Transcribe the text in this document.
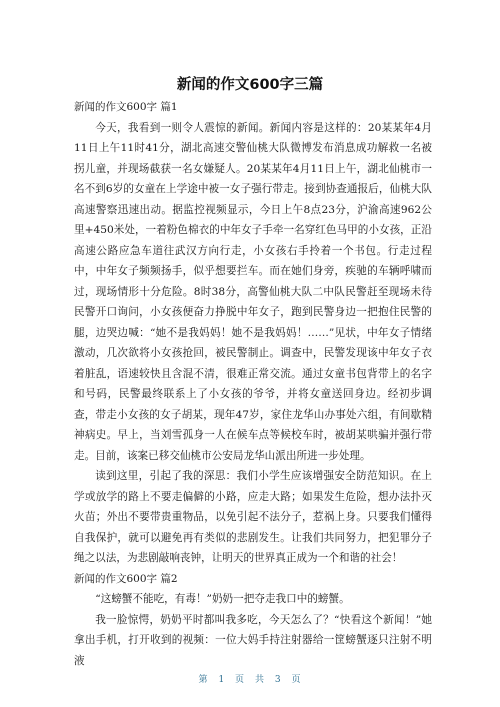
新闻的作文600字三篇

新闻的作文600字 篇1

今天，我看到一则令人震惊的新闻。新闻内容是这样的：20某某年4月11日上午11时41分，湖北高速交警仙桃大队微博发布消息成功解救一名被拐儿童，并现场截获一名女嫌疑人。20某某年4月11日上午，湖北仙桃市一名不到6岁的女童在上学途中被一女子强行带走。接到协查通报后，仙桃大队高速警察迅速出动。据监控视频显示，今日上午8点23分，沪渝高速962公里+450米处，一着粉色棉衣的中年女子手牵一名穿红色马甲的小女孩，正沿高速公路应急车道往武汉方向行走，小女孩右手拎着一个书包。行走过程中，中年女子频频扬手，似乎想要拦车。而在她们身旁，疾驰的车辆呼啸而过，现场情形十分危险。8时38分，高警仙桃大队二中队民警赶至现场未待民警开口询问，小女孩便奋力挣脱中年女子，跑到民警身边一把抱住民警的腿，边哭边喊：“她不是我妈妈！她不是我妈妈！……”见状，中年女子情绪激动，几次欲将小女孩抢回，被民警制止。调查中，民警发现该中年女子衣着脏乱，语速较快且含混不清，很难正常交流。通过女童书包背带上的名字和号码，民警最终联系上了小女孩的爷爷，并将女童送回身边。经初步调查，带走小女孩的女子胡某，现年47岁，家住龙华山办事处六组，有间歇精神病史。早上，当刘雪孤身一人在候车点等候校车时，被胡某哄骗并强行带走。目前，该案已移交仙桃市公安局龙华山派出所进一步处理。

读到这里，引起了我的深思：我们小学生应该增强安全防范知识。在上学或放学的路上不要走偏僻的小路，应走大路；如果发生危险，想办法扑灭火苗；外出不要带贵重物品，以免引起不法分子，惹祸上身。只要我们懂得自我保护，就可以避免再有类似的悲剧发生。让我们共同努力，把犯罪分子绳之以法，为悲剧敲响丧钟，让明天的世界真正成为一个和谐的社会！

新闻的作文600字 篇2

“这螃蟹不能吃，有毒！”奶奶一把夺走我口中的螃蟹。

我一脸惊愕，奶奶平时都叫我多吃，今天怎么了？“快看这个新闻！”她拿出手机，打开收到的视频：一位大妈手持注射器给一筐螃蟹逐只注射不明液

第 1 页 共 3 页
